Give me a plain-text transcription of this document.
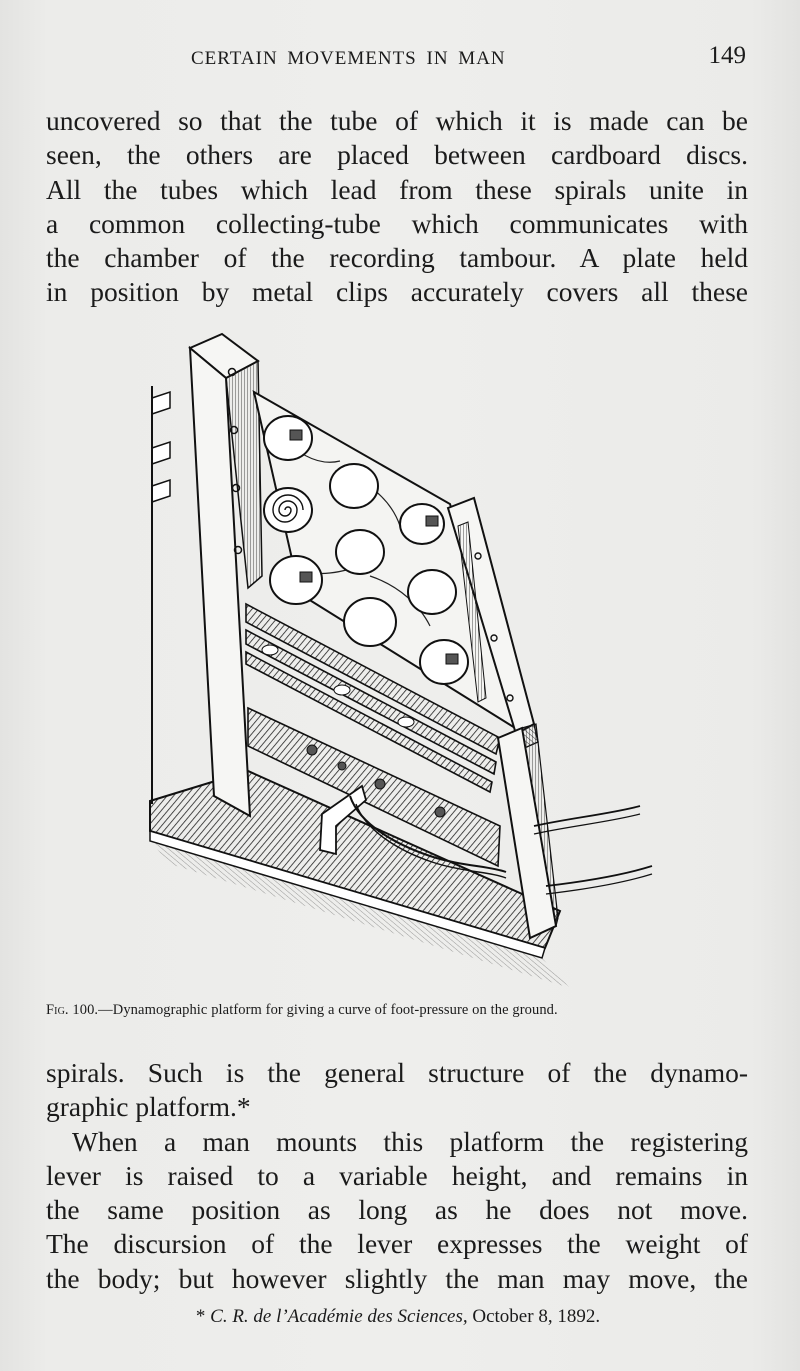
CERTAIN MOVEMENTS IN MAN	149
uncovered so that the tube of which it is made can be
seen, the others are placed between cardboard discs.
All the tubes which lead from these spirals unite in
a common collecting-tube which communicates with
the chamber of the recording tambour. A plate held
in position by metal clips accurately covers all these
Fig. 100.—Dynamographic platform for giving a curve of foot-pressure on the ground.
spirals. Such is the general structure of the dynamo-
graphic platform.*
When a man mounts this platform the registering
lever is raised to a variable height, and remains in
the same position as long as he does not move.
The discursion of the lever expresses the weight of
the body; but however slightly the man may move, the
* C. R. de l’Académie des Sciences, October 8, 1892.
